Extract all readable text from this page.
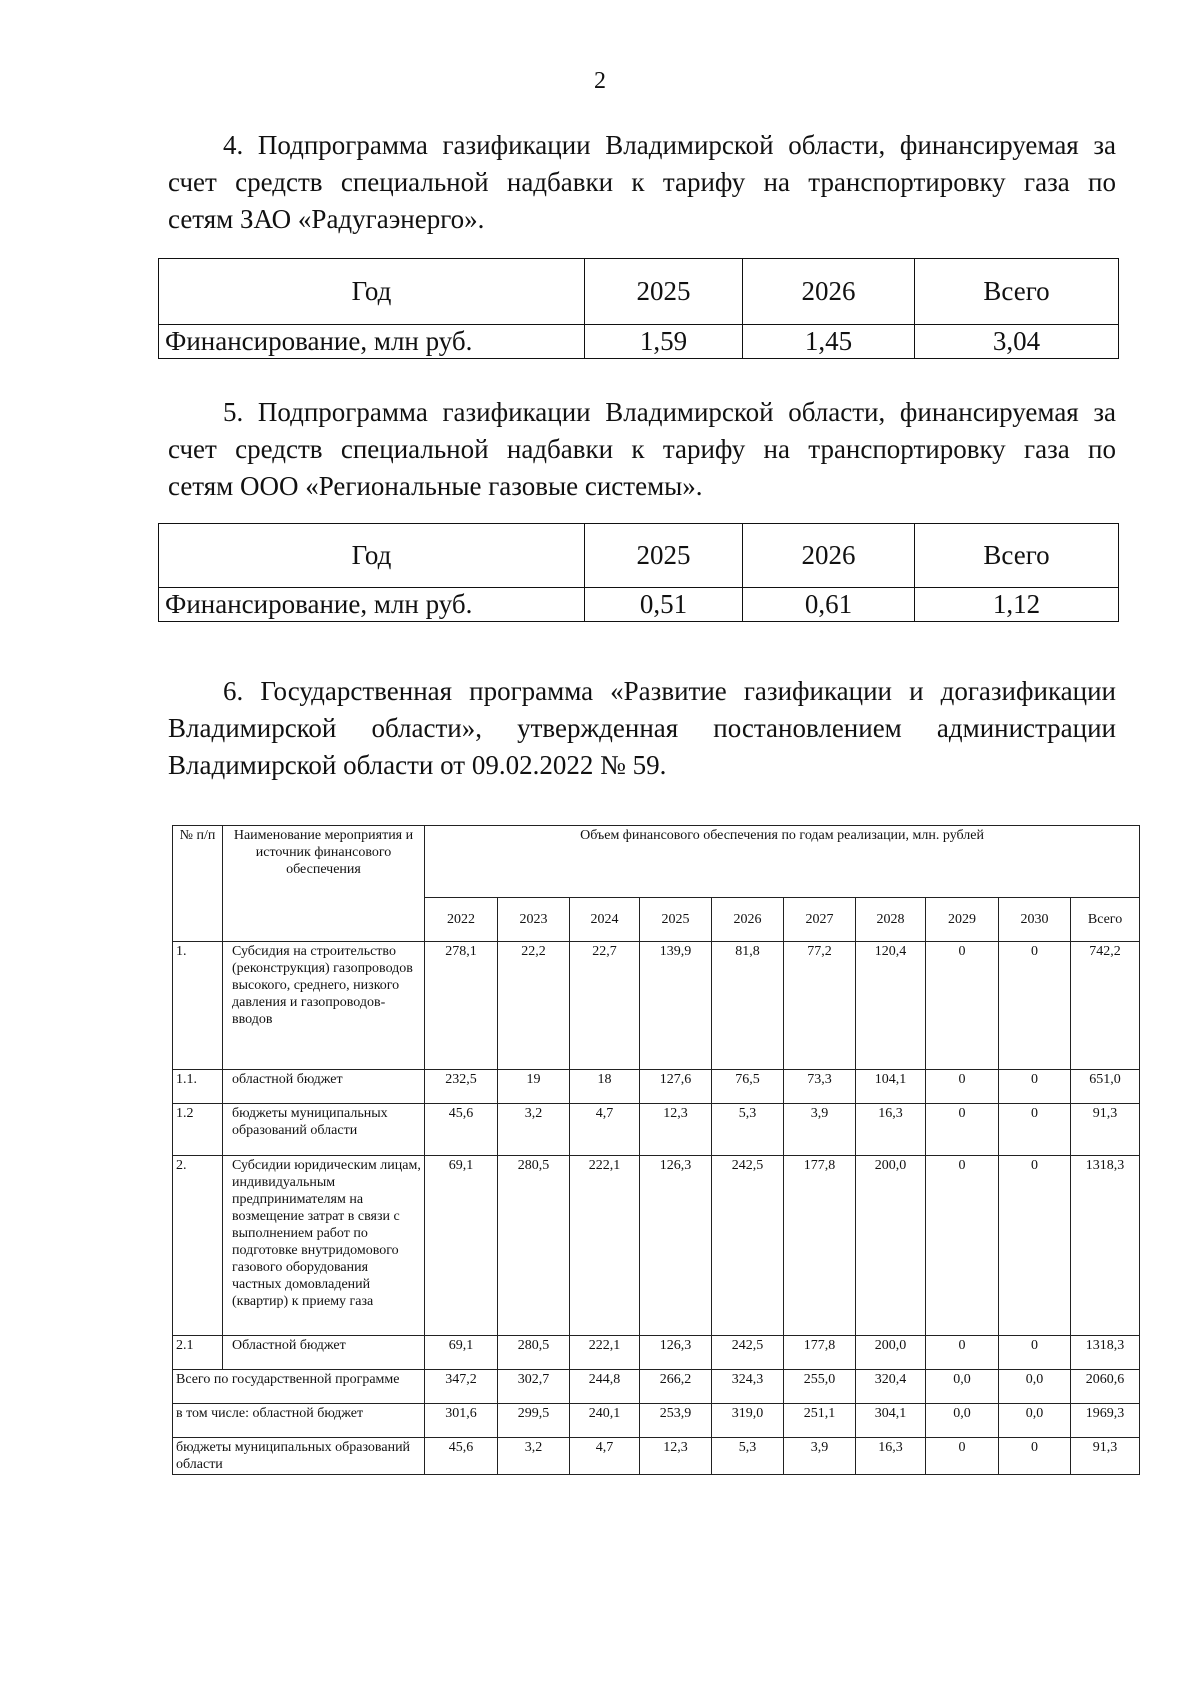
2
4. Подпрограмма газификации Владимирской области, финансируемая за
счет средств специальной надбавки к тарифу на транспортировку газа по
сетям ЗАО «Радугаэнерго».
Год	2025	2026	Всего
Финансирование, млн руб.	1,59	1,45	3,04
5. Подпрограмма газификации Владимирской области, финансируемая за
счет средств специальной надбавки к тарифу на транспортировку газа по
сетям ООО «Региональные газовые системы».
Год	2025	2026	Всего
Финансирование, млн руб.	0,51	0,61	1,12
6. Государственная программа «Развитие газификации и догазификации
Владимирской области», утвержденная постановлением администрации
Владимирской области от 09.02.2022 № 59.
№ п/п	Наименование мероприятия и источник финансового обеспечения	Объем финансового обеспечения по годам реализации, млн. рублей									
		2022	2023	2024	2025	2026	2027	2028	2029	2030	Всего
1.	Субсидия на строительство (реконструкция) газопроводов высокого, среднего, низкого давления и газопроводов-вводов	278,1	22,2	22,7	139,9	81,8	77,2	120,4	0	0	742,2
1.1.	областной бюджет	232,5	19	18	127,6	76,5	73,3	104,1	0	0	651,0
1.2	бюджеты муниципальных образований области	45,6	3,2	4,7	12,3	5,3	3,9	16,3	0	0	91,3
2.	Субсидии юридическим лицам, индивидуальным предпринимателям на возмещение затрат в связи с выполнением работ по подготовке внутридомового газового оборудования частных домовладений (квартир) к приему газа	69,1	280,5	222,1	126,3	242,5	177,8	200,0	0	0	1318,3
2.1	Областной бюджет	69,1	280,5	222,1	126,3	242,5	177,8	200,0	0	0	1318,3
Всего по государственной программе		347,2	302,7	244,8	266,2	324,3	255,0	320,4	0,0	0,0	2060,6
в том числе: областной бюджет		301,6	299,5	240,1	253,9	319,0	251,1	304,1	0,0	0,0	1969,3
бюджеты муниципальных образований области		45,6	3,2	4,7	12,3	5,3	3,9	16,3	0	0	91,3
